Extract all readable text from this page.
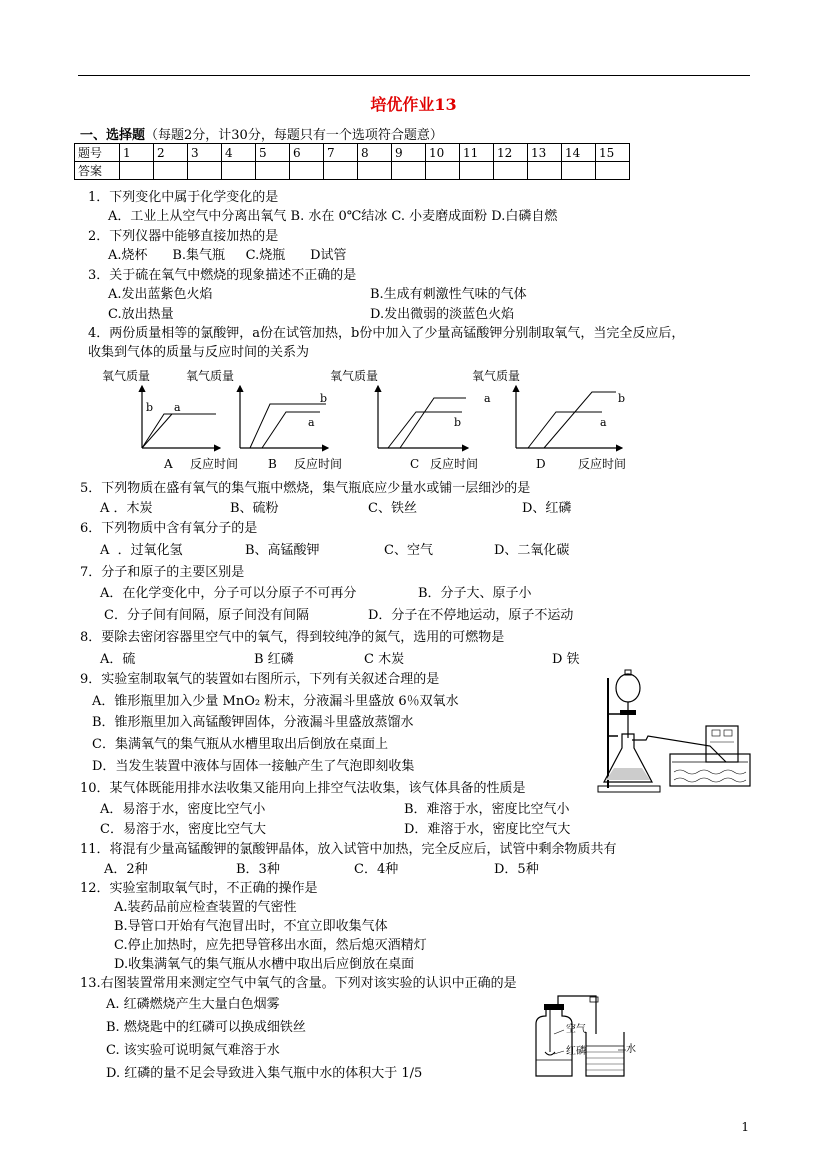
培优作业13
一、选择题（每题2分，计30分，每题只有一个选项符合题意）
题号	1	2	3	4	5	6	7	8	9	10	11	12	13	14	15
答案															
1．下列变化中属于化学变化的是
A．工业上从空气中分离出氧气 B. 水在 0℃结冰 C. 小麦磨成面粉 D.白磷自燃
2．下列仪器中能够直接加热的是
A.烧杯      B.集气瓶     C.烧瓶      D试管
3．关于硫在氧气中燃烧的现象描述不正确的是
A.发出蓝紫色火焰	B.生成有刺激性气味的气体
C.放出热量	D.发出微弱的淡蓝色火焰
4．两份质量相等的氯酸钾，a份在试管加热，b份中加入了少量高锰酸钾分别制取氧气，当完全反应后，
收集到气体的质量与反应时间的关系为
氧气质量
b a
A 反应时间
氧气质量
b
a
B 反应时间
氧气质量
a
b
C 反应时间
氧气质量
b
a
D	反应时间
5．下列物质在盛有氧气的集气瓶中燃烧，集气瓶底应少量水或铺一层细沙的是
A ．木炭	B、硫粉	C、铁丝	D、红磷
6．下列物质中含有氧分子的是
A  ．过氧化氢	B、高锰酸钾	C、空气	D、二氧化碳
7．分子和原子的主要区别是
A．在化学变化中，分子可以分原子不可再分	B．分子大、原子小
C．分子间有间隔，原子间没有间隔	D．分子在不停地运动，原子不运动
8．要除去密闭容器里空气中的氧气，得到较纯净的氮气，选用的可燃物是
A．硫	B 红磷	C 木炭	D 铁
9．实验室制取氧气的装置如右图所示，下列有关叙述合理的是
A．锥形瓶里加入少量 MnO₂ 粉末，分液漏斗里盛放 6％双氧水
B．锥形瓶里加入高锰酸钾固体，分液漏斗里盛放蒸馏水
C．集满氧气的集气瓶从水槽里取出后倒放在桌面上
D．当发生装置中液体与固体一接触产生了气泡即刻收集
10．某气体既能用排水法收集又能用向上排空气法收集，该气体具备的性质是
A．易溶于水，密度比空气小	B．难溶于水，密度比空气小
C．易溶于水，密度比空气大	D．难溶于水，密度比空气大
11．将混有少量高锰酸钾的氯酸钾晶体，放入试管中加热，完全反应后，试管中剩余物质共有
A．2种	B．3种	C．4种	D．5种
12．实验室制取氧气时，不正确的操作是
A.装药品前应检查装置的气密性
B.导管口开始有气泡冒出时，不宜立即收集气体
C.停止加热时，应先把导管移出水面，然后熄灭酒精灯
D.收集满氧气的集气瓶从水槽中取出后应倒放在桌面
13.右图装置常用来测定空气中氧气的含量。下列对该实验的认识中正确的是
A. 红磷燃烧产生大量白色烟雾
B. 燃烧匙中的红磷可以换成细铁丝
C. 该实验可说明氮气难溶于水
D. 红磷的量不足会导致进入集气瓶中水的体积大于 1/5
空气
红磷	水
1
